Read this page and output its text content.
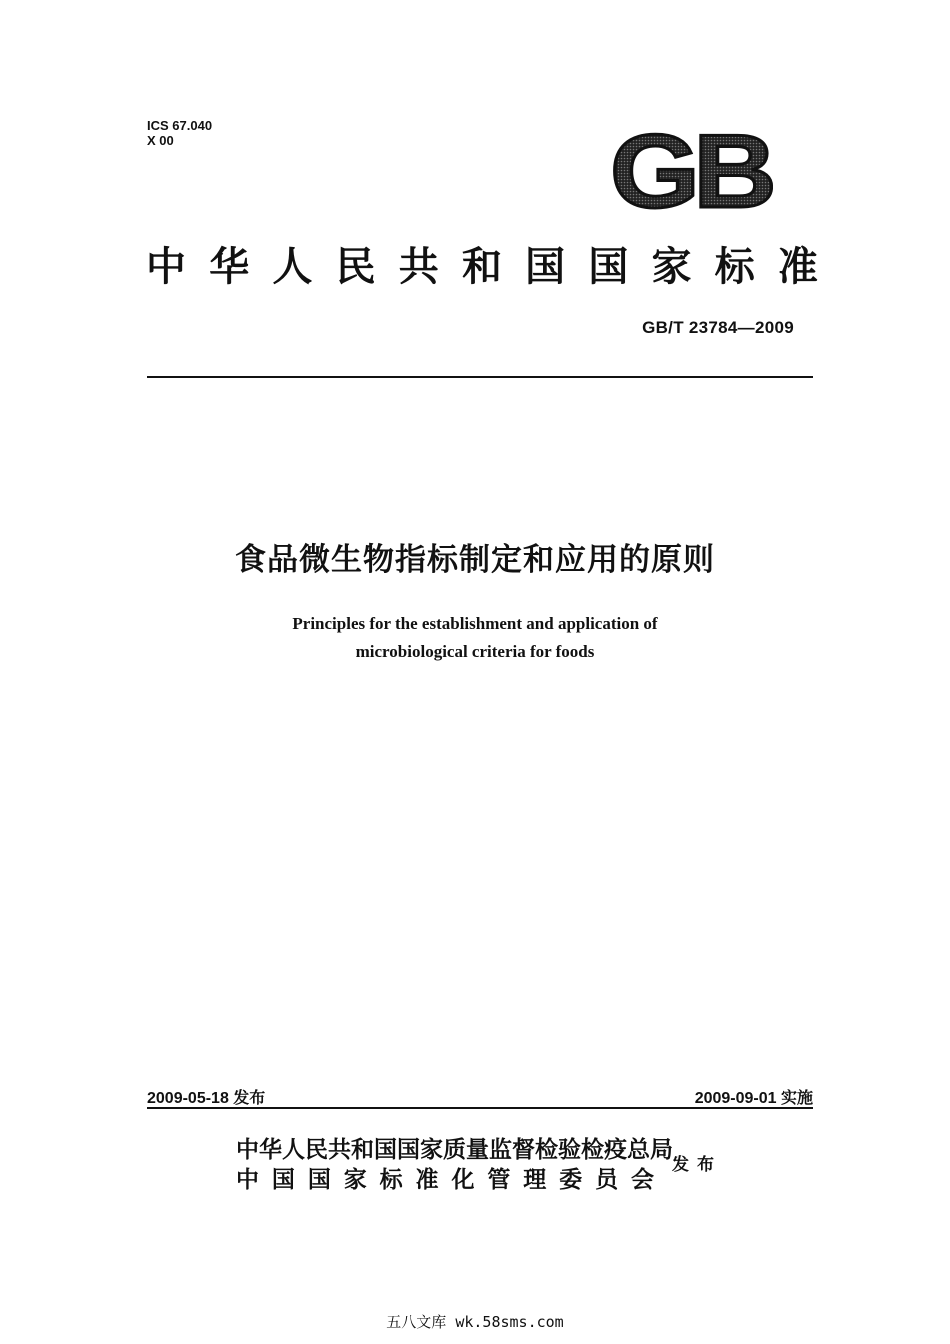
ICS 67.040
X 00	GB
中 华 人 民 共 和 国 国 家 标 准
GB/T 23784—2009
食品微生物指标制定和应用的原则
Principles for the establishment and application of
microbiological criteria for foods
2009-05-18 发布	2009-09-01 实施
中华人民共和国国家质量监督检验检疫总局
中 国 国 家 标 准 化 管 理 委 员 会
发布
五八文库 wk.58sms.com
